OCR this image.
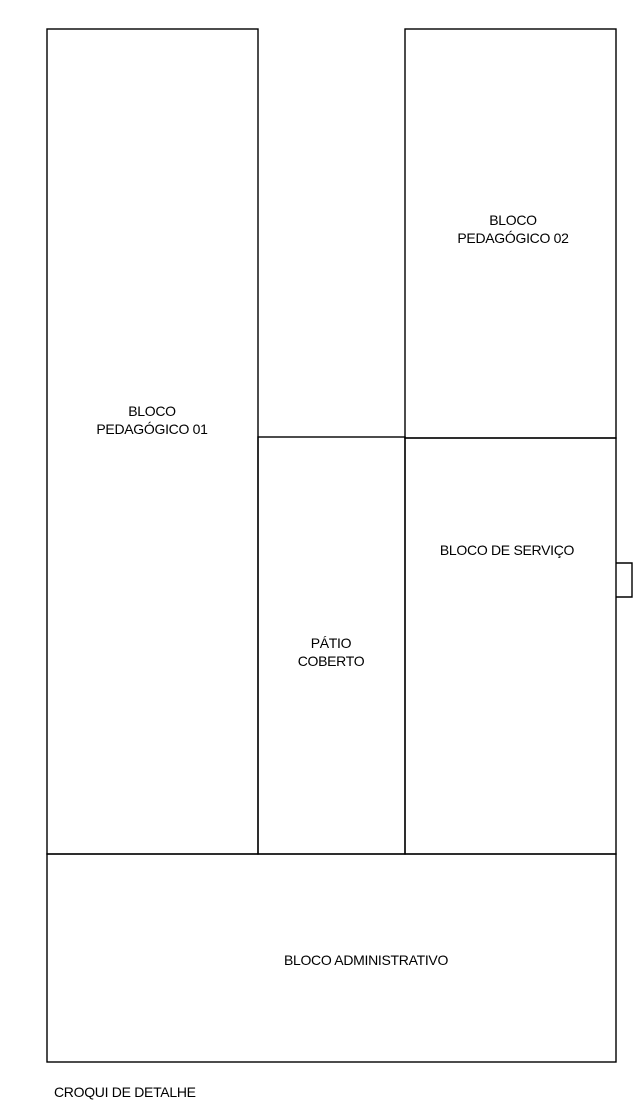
BLOCO
PEDAGÓGICO 01
BLOCO
PEDAGÓGICO 02
PÁTIO
COBERTO
BLOCO DE SERVIÇO
BLOCO ADMINISTRATIVO
CROQUI DE DETALHE
